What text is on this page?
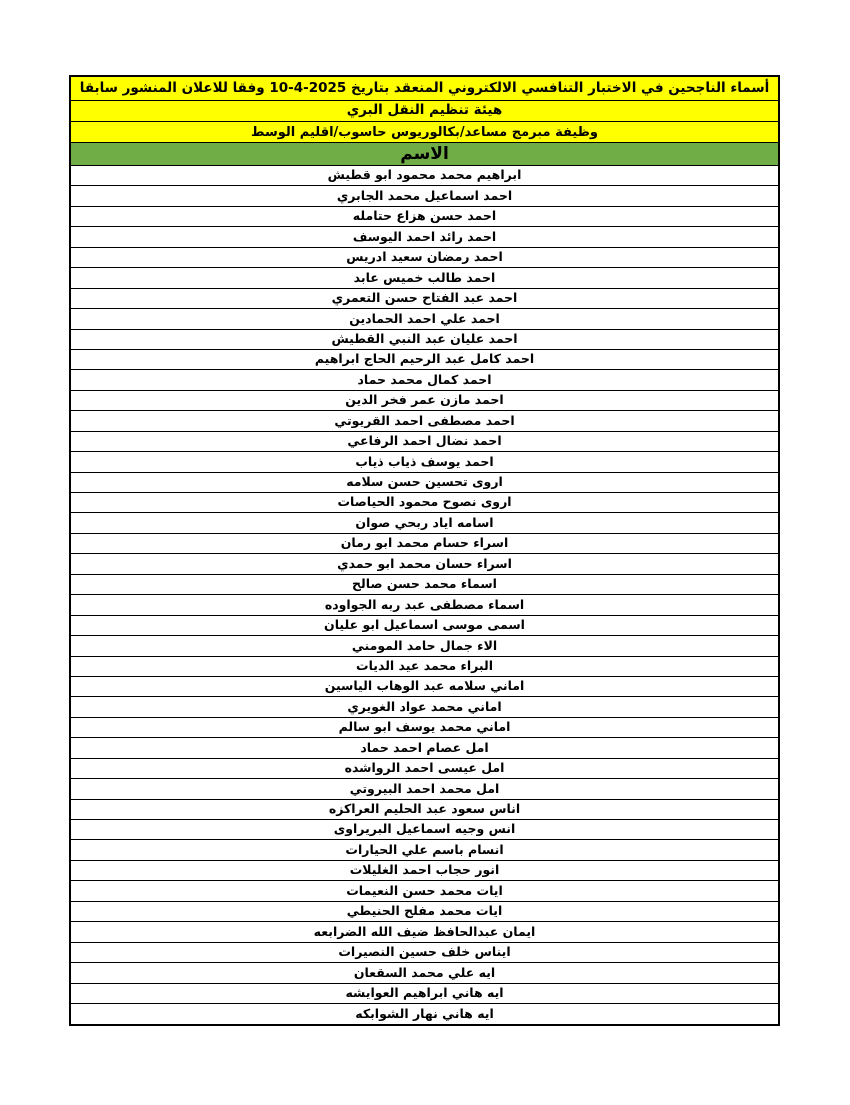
أسماء الناجحين في الاختبار التنافسي الالكتروني المنعقد بتاريخ 2025-4-10 وفقا للاعلان المنشور سابقا
هيئة تنظيم النقل البري
وظيفة مبرمج مساعد/بكالوريوس حاسوب/اقليم الوسط
الاسم
ابراهيم محمد محمود ابو قطيش
احمد اسماعيل محمد الجابري
احمد حسن هزاع حتامله
احمد رائد احمد اليوسف
احمد رمضان سعيد ادريس
احمد طالب خميس عابد
احمد عبد الفتاح حسن التعمري
احمد علي احمد الحمادين
احمد عليان عبد النبي القطيش
احمد كامل عبد الرحيم الحاج ابراهيم
احمد كمال محمد حماد
احمد مازن عمر فخر الدين
احمد مصطفى احمد القريوتي
احمد نضال احمد الرفاعي
احمد يوسف ذياب ذياب
اروى تحسين حسن سلامه
اروى نصوح محمود الحياصات
اسامه اياد ربحي صوان
اسراء حسام محمد ابو رمان
اسراء حسان محمد ابو حمدي
اسماء محمد حسن صالح
اسماء مصطفى عبد ربه الجواوده
اسمى موسى اسماعيل ابو عليان
الاء جمال حامد المومني
البراء محمد عيد الديات
اماني سلامه عبد الوهاب الياسين
اماني محمد عواد الغويري
اماني محمد يوسف ابو سالم
امل عصام احمد حماد
امل عيسى احمد الرواشده
امل محمد احمد البيروتي
اناس سعود عبد الحليم العراكزه
انس وجيه اسماعيل البريراوى
انسام باسم علي الحيارات
انور حجاب احمد الغليلات
ايات محمد حسن النعيمات
ايات محمد مفلح الحنيطي
ايمان عبدالحافظ ضيف الله الضرابعه
ايناس خلف حسين النصيرات
ايه علي محمد السقعان
ايه هاني ابراهيم العوايشه
ايه هاني نهار الشوابكه
